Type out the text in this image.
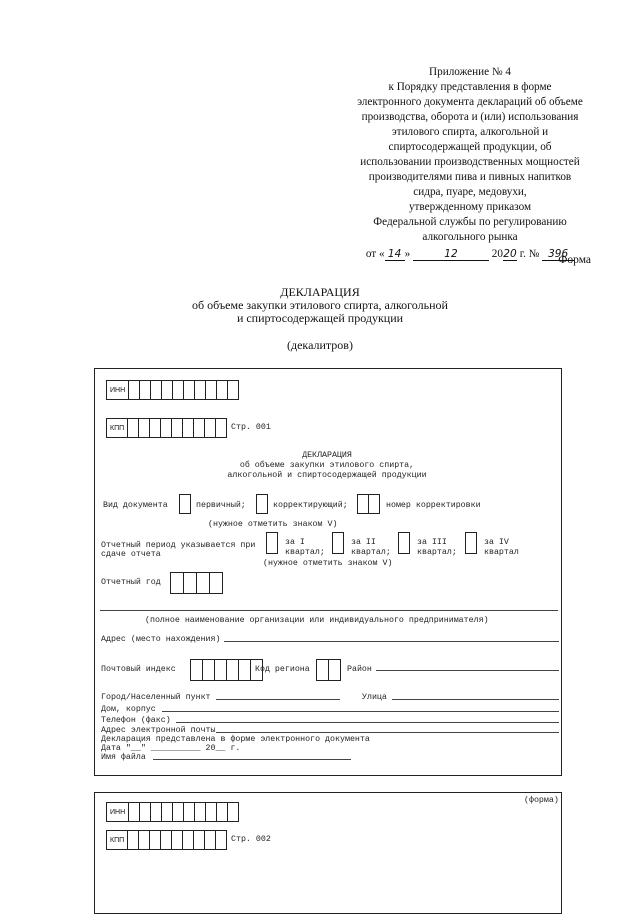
Приложение № 4
к Порядку представления в форме
электронного документа деклараций об объеме
производства, оборота и (или) использования
этилового спирта, алкогольной и
спиртосодержащей продукции, об
использовании производственных мощностей
производителями пива и пивных напитков
сидра, пуаре, медовухи,
утвержденному приказом
Федеральной службы по регулированию
алкогольного рынка
от « 14 »	12	2020 г. № 396
Форма
ДЕКЛАРАЦИЯ
об объеме закупки этилового спирта, алкогольной
и спиртосодержащей продукции
(декалитров)
ИНН
КПП	Стр. 001
ДЕКЛАРАЦИЯ
об объеме закупки этилового спирта,
алкогольной и спиртосодержащей продукции
Вид документа	первичный;	корректирующий;	номер корректировки
(нужное отметить знаком V)
Отчетный период указывается при
сдаче отчета
за I
квартал;
за II
квартал;
за III
квартал;
за IV
квартал
(нужное отметить знаком V)
Отчетный год
(полное наименование организации или индивидуального предпринимателя)
Адрес (место нахождения)
Почтовый индекс	Код региона	Район
Город/Населенный пункт	Улица
Дом, корпус
Телефон (факс)
Адрес электронной почты
Декларация представлена в форме электронного документа
Дата "__" __________ 20__ г.
Имя файла
(форма)
ИНН
КПП	Стр. 002
